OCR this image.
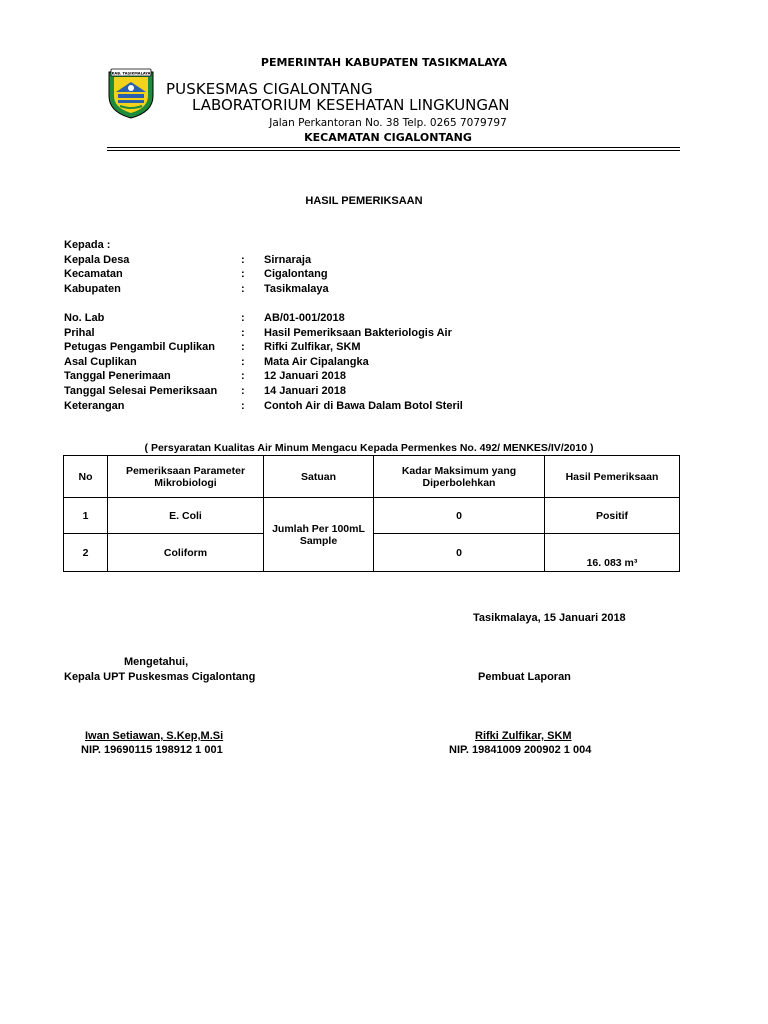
PEMERINTAH KABUPATEN TASIKMALAYA
KAB. TASIKMALAYA
PUSKESMAS CIGALONTANG
LABORATORIUM KESEHATAN LINGKUNGAN
Jalan Perkantoran No. 38 Telp. 0265 7079797
KECAMATAN CIGALONTANG
HASIL PEMERIKSAAN
Kepada :
Kepala Desa	: Sirnaraja
Kecamatan	: Cigalontang
Kabupaten	: Tasikmalaya
No. Lab	: AB/01-001/2018
Prihal	: Hasil Pemeriksaan Bakteriologis Air
Petugas Pengambil Cuplikan : Rifki Zulfikar, SKM
Asal Cuplikan	: Mata Air Cipalangka
Tanggal Penerimaan	: 12 Januari 2018
Tanggal Selesai Pemeriksaan : 14 Januari 2018
Keterangan	: Contoh Air di Bawa Dalam Botol Steril
( Persyaratan Kualitas Air Minum Mengacu Kepada Permenkes No. 492/ MENKES/IV/2010 )
No	Pemeriksaan Parameter Mikrobiologi	Satuan	Kadar Maksimum yang Diperbolehkan	Hasil Pemeriksaan
1	E. Coli	Jumlah Per 100mL Sample	0	Positif
2	Coliform		0	16. 083 m³
Tasikmalaya, 15 Januari 2018
Mengetahui,
Kepala UPT Puskesmas Cigalontang	Pembuat Laporan
Iwan Setiawan, S.Kep,M.Si
NIP. 19690115 198912 1 001
Rifki Zulfikar, SKM
NIP. 19841009 200902 1 004
